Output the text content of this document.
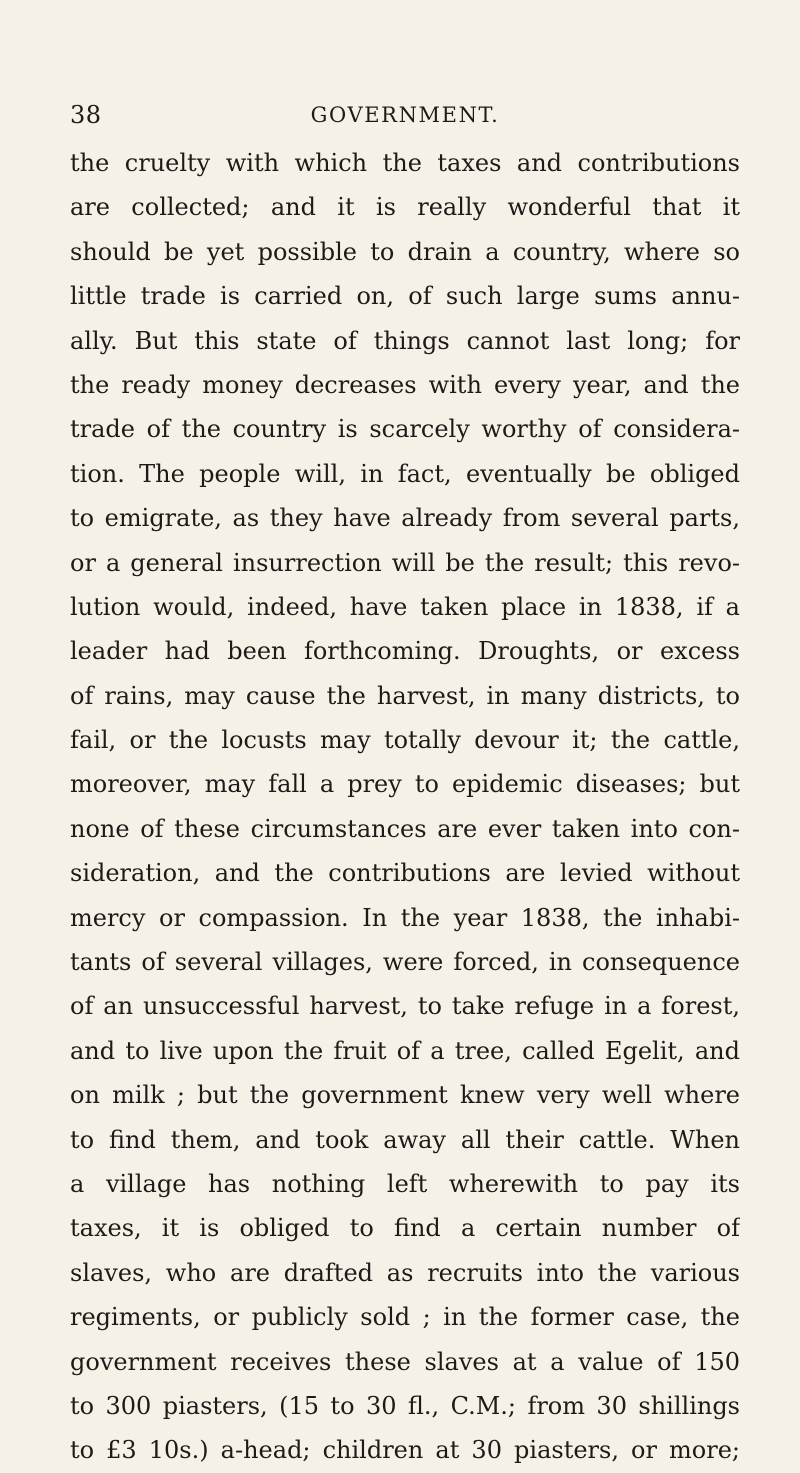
38	GOVERNMENT.
the cruelty with which the taxes and contributions
are collected; and it is really wonderful that it
should be yet possible to drain a country, where so
little trade is carried on, of such large sums annu-
ally. But this state of things cannot last long; for
the ready money decreases with every year, and the
trade of the country is scarcely worthy of considera-
tion. The people will, in fact, eventually be obliged
to emigrate, as they have already from several parts,
or a general insurrection will be the result; this revo-
lution would, indeed, have taken place in 1838, if a
leader had been forthcoming. Droughts, or excess
of rains, may cause the harvest, in many districts, to
fail, or the locusts may totally devour it; the cattle,
moreover, may fall a prey to epidemic diseases; but
none of these circumstances are ever taken into con-
sideration, and the contributions are levied without
mercy or compassion. In the year 1838, the inhabi-
tants of several villages, were forced, in consequence
of an unsuccessful harvest, to take refuge in a forest,
and to live upon the fruit of a tree, called Egelit, and
on milk ; but the government knew very well where
to find them, and took away all their cattle. When
a village has nothing left wherewith to pay its
taxes, it is obliged to find a certain number of
slaves, who are drafted as recruits into the various
regiments, or publicly sold ; in the former case, the
government receives these slaves at a value of 150
to 300 piasters, (15 to 30 fl., C.M.; from 30 shillings
to £3 10s.) a-head; children at 30 piasters, or more;
